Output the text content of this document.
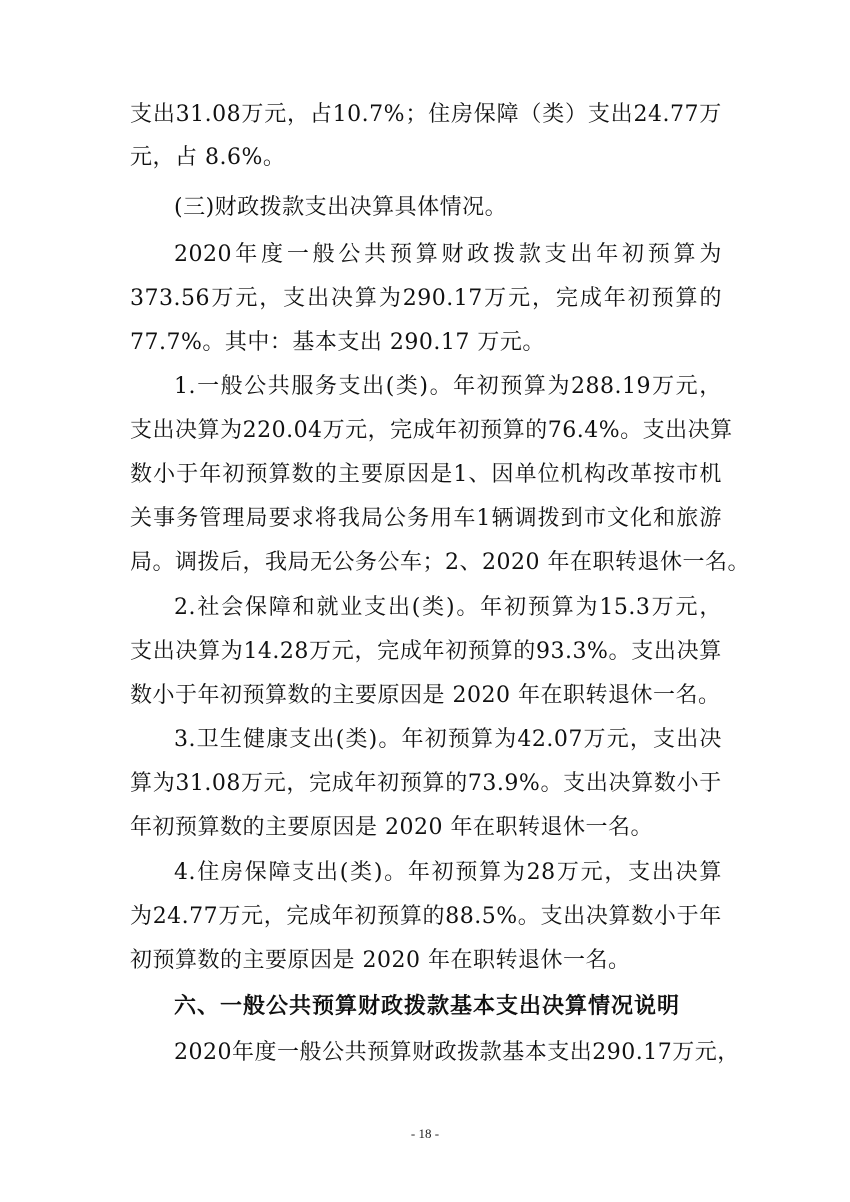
支 出 31.08 万 元 ， 占 10.7% ； 住 房 保 障 （ 类 ） 支 出 24.77 万
元，占 8.6%。
(三)财政拨款支出决算具体情况。
2020 年 度 一 般 公 共 预 算 财 政 拨 款 支 出 年 初 预 算 为
373.56 万 元 ， 支 出 决 算 为 290.17 万 元 ， 完 成 年 初 预 算 的
77.7%。其中：基本支出 290.17 万元。
1. 一 般 公 共 服 务 支 出 ( 类 ) 。 年 初 预 算 为 288.19 万 元 ，
支 出 决 算 为 220.04 万 元 ， 完 成 年 初 预 算 的 76.4% 。 支 出 决 算
数 小 于 年 初 预 算 数 的 主 要 原 因 是 1 、 因 单 位 机 构 改 革 按 市 机
关 事 务 管 理 局 要 求 将 我 局 公 务 用 车 1 辆 调 拨 到 市 文 化 和 旅 游
局。调拨后，我局无公务公车；2、2020 年在职转退休一名。
2. 社 会 保 障 和 就 业 支 出 ( 类 ) 。 年 初 预 算 为 15.3 万 元 ，
支 出 决 算 为 14.28 万 元 ， 完 成 年 初 预 算 的 93.3% 。 支 出 决 算
数小于年初预算数的主要原因是 2020 年在职转退休一名。
3. 卫 生 健 康 支 出 ( 类 ) 。 年 初 预 算 为 42.07 万 元 ， 支 出 决
算 为 31.08 万 元 ， 完 成 年 初 预 算 的 73.9% 。 支 出 决 算 数 小 于
年初预算数的主要原因是 2020 年在职转退休一名。
4. 住 房 保 障 支 出 ( 类 ) 。 年 初 预 算 为 28 万 元 ， 支 出 决 算
为 24.77 万 元 ， 完 成 年 初 预 算 的 88.5% 。 支 出 决 算 数 小 于 年
初预算数的主要原因是 2020 年在职转退休一名。
六、一般公共预算财政拨款基本支出决算情况说明
2020 年 度 一 般 公 共 预 算 财 政 拨 款 基 本 支 出 290.17 万 元 ，
- 18 -
